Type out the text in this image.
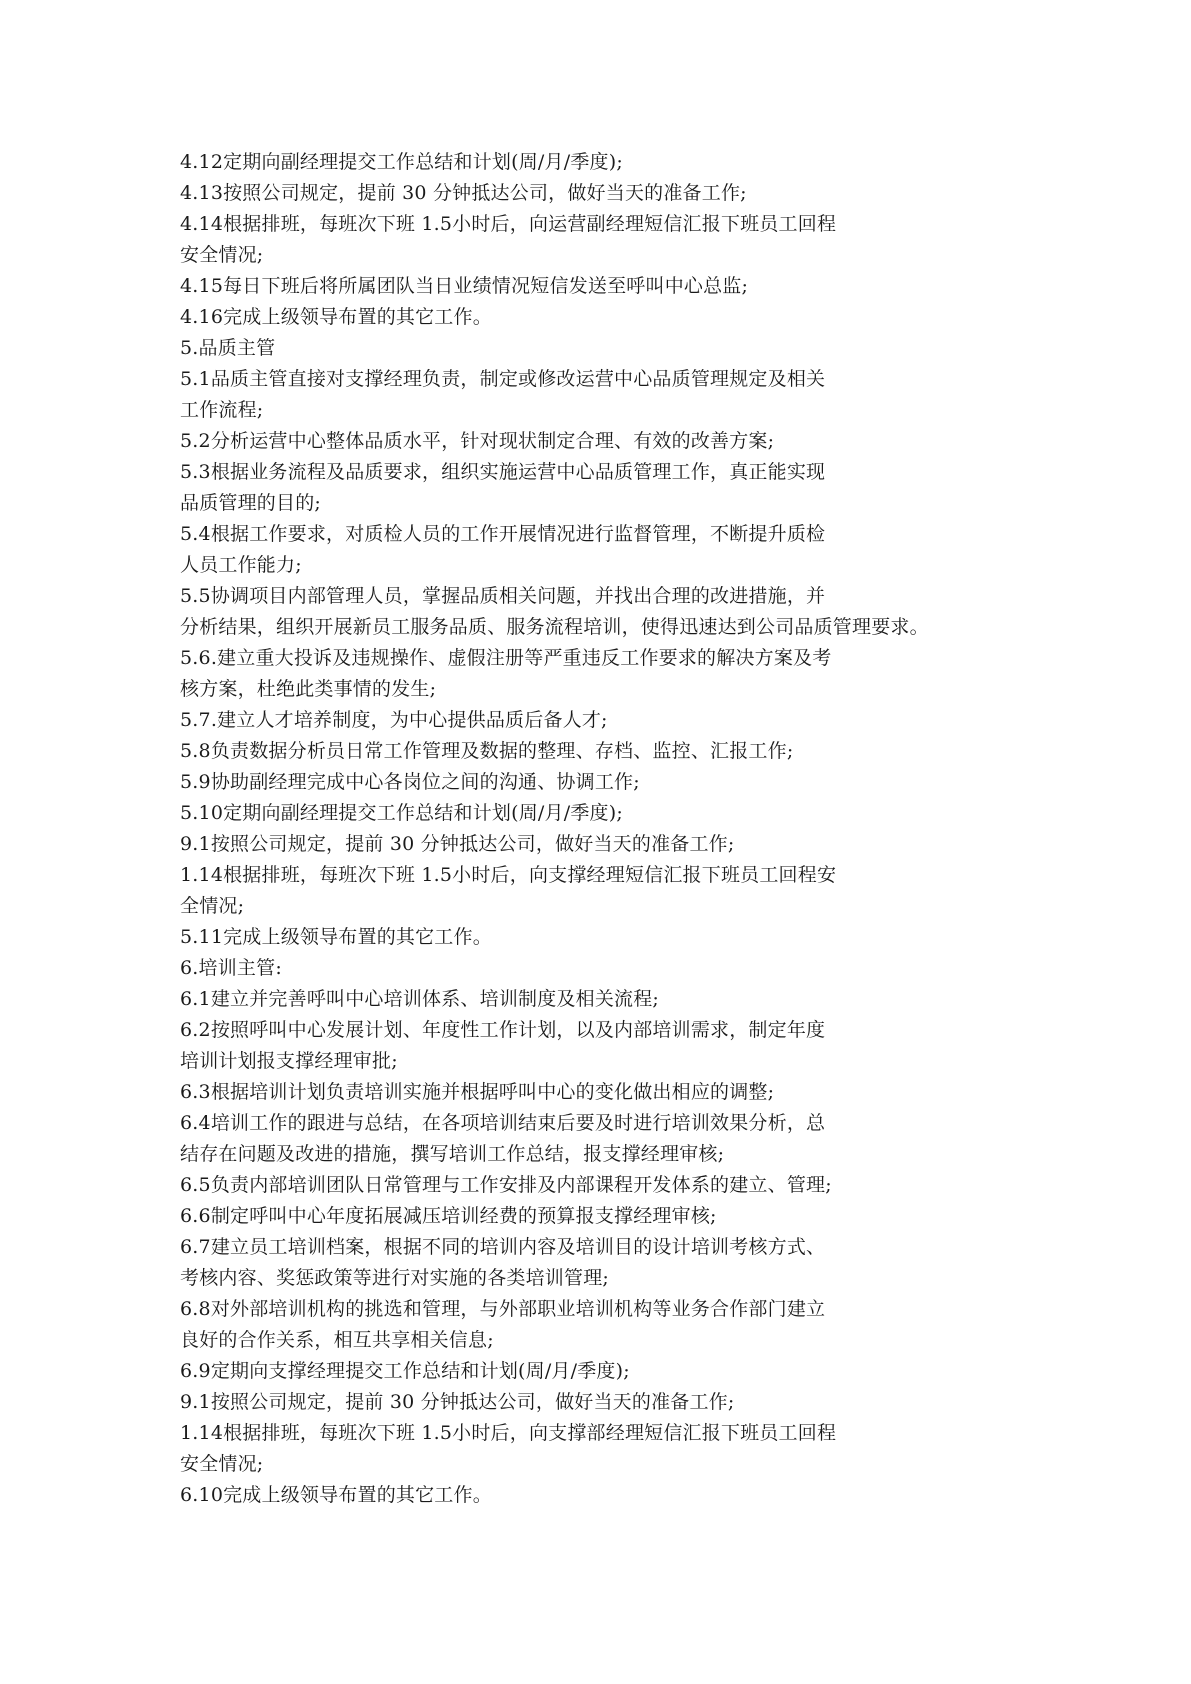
4.12定期向副经理提交工作总结和计划(周/月/季度);
4.13按照公司规定，提前 30 分钟抵达公司，做好当天的准备工作;
4.14根据排班，每班次下班 1.5小时后，向运营副经理短信汇报下班员工回程
安全情况;
4.15每日下班后将所属团队当日业绩情况短信发送至呼叫中心总监;
4.16完成上级领导布置的其它工作。
5.品质主管
5.1品质主管直接对支撑经理负责，制定或修改运营中心品质管理规定及相关
工作流程;
5.2分析运营中心整体品质水平，针对现状制定合理、有效的改善方案;
5.3根据业务流程及品质要求，组织实施运营中心品质管理工作，真正能实现
品质管理的目的;
5.4根据工作要求，对质检人员的工作开展情况进行监督管理，不断提升质检
人员工作能力;
5.5协调项目内部管理人员，掌握品质相关问题，并找出合理的改进措施，并
分析结果，组织开展新员工服务品质、服务流程培训，使得迅速达到公司品质管理要求。
5.6.建立重大投诉及违规操作、虚假注册等严重违反工作要求的解决方案及考
核方案，杜绝此类事情的发生;
5.7.建立人才培养制度，为中心提供品质后备人才;
5.8负责数据分析员日常工作管理及数据的整理、存档、监控、汇报工作;
5.9协助副经理完成中心各岗位之间的沟通、协调工作;
5.10定期向副经理提交工作总结和计划(周/月/季度);
9.1按照公司规定，提前 30 分钟抵达公司，做好当天的准备工作;
1.14根据排班，每班次下班 1.5小时后，向支撑经理短信汇报下班员工回程安
全情况;
5.11完成上级领导布置的其它工作。
6.培训主管:
6.1建立并完善呼叫中心培训体系、培训制度及相关流程;
6.2按照呼叫中心发展计划、年度性工作计划，以及内部培训需求，制定年度
培训计划报支撑经理审批;
6.3根据培训计划负责培训实施并根据呼叫中心的变化做出相应的调整;
6.4培训工作的跟进与总结，在各项培训结束后要及时进行培训效果分析，总
结存在问题及改进的措施，撰写培训工作总结，报支撑经理审核;
6.5负责内部培训团队日常管理与工作安排及内部课程开发体系的建立、管理;
6.6制定呼叫中心年度拓展减压培训经费的预算报支撑经理审核;
6.7建立员工培训档案，根据不同的培训内容及培训目的设计培训考核方式、
考核内容、奖惩政策等进行对实施的各类培训管理;
6.8对外部培训机构的挑选和管理，与外部职业培训机构等业务合作部门建立
良好的合作关系，相互共享相关信息;
6.9定期向支撑经理提交工作总结和计划(周/月/季度);
9.1按照公司规定，提前 30 分钟抵达公司，做好当天的准备工作;
1.14根据排班，每班次下班 1.5小时后，向支撑部经理短信汇报下班员工回程
安全情况;
6.10完成上级领导布置的其它工作。
